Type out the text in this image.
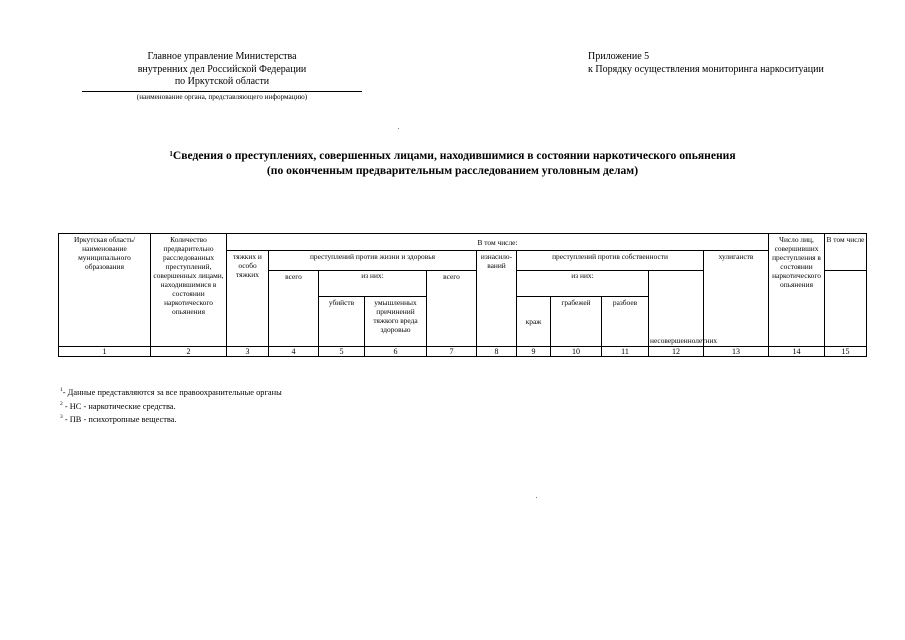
Главное управление Министерства
внутренних дел Российской Федерации
по Иркутской области
(наименование органа, представляющего информацию)
Приложение 5
к Порядку осуществления мониторинга наркоситуации
$^1$Сведения о преступлениях, совершенных лицами, находившимися в состоянии наркотического опьянения
(по оконченным предварительным расследованием уголовным делам)
Иркутская область/ наименование муниципального образования	Количество предварительно расследованных преступлений, совершенных лицами, находившимися в состоянии наркотического опьянения	В том числе:											Число лиц, совершивших преступления в состоянии наркотического опьянения	В том числе	
		тяжких и особо тяжких	преступлений против жизни и здоровья				изнасило-ваний	преступлений против собственности				хулиганств	
			всего	из них:		всего		из них:			несовершеннолетних				
				убийств	умышленных причинений тяжкого вреда здоровью			краж	грабежей	разбоев					
1	2	3	4	5	6	7	8	9	10	11	12	13	14	15	
$^1$- Данные представляются за все правоохранительные органы
$^2$ - НС - наркотические средства.
$^3$ - ПВ - психотропные вещества.
